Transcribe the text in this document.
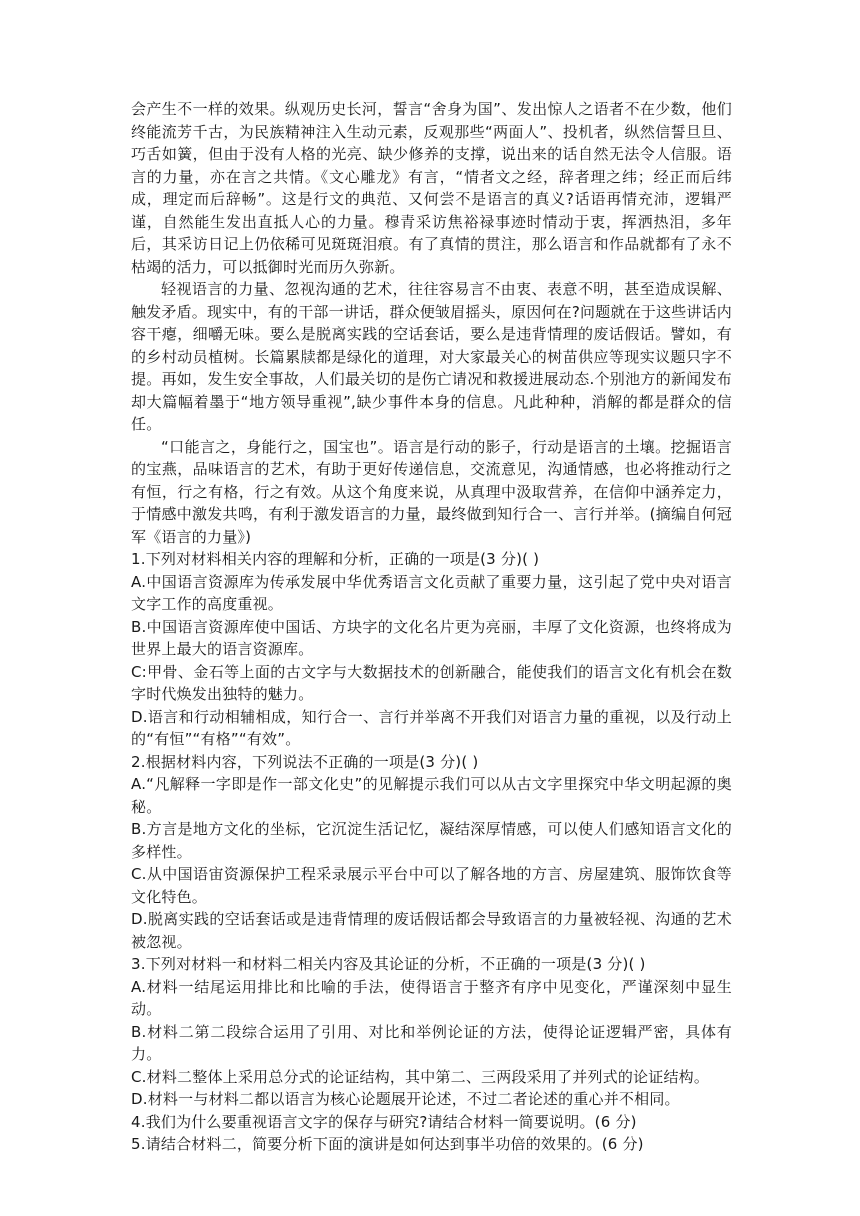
会产生不一样的效果。纵观历史长河，誓言“舍身为国”、发出惊人之语者不在少数，他们终能流芳千古，为民族精神注入生动元素，反观那些“两面人”、投机者，纵然信誓旦旦、巧舌如簧，但由于没有人格的光亮、缺少修养的支撑，说出来的话自然无法令人信服。语言的力量，亦在言之共情。《文心雕龙》有言，“情者文之经，辞者理之纬；经正而后纬成，理定而后辞畅”。这是行文的典范、又何尝不是语言的真义?话语再情充沛，逻辑严谨，自然能生发出直抵人心的力量。穆青采访焦裕禄事迹时情动于衷，挥洒热泪，多年后，其采访日记上仍依稀可见斑斑泪痕。有了真情的贯注，那么语言和作品就都有了永不枯竭的活力，可以抵御时光而历久弥新。

轻视语言的力量、忽视沟通的艺术，往往容易言不由衷、表意不明，甚至造成误解、触发矛盾。现实中，有的干部一讲话，群众便皱眉摇头，原因何在?问题就在于这些讲话内容干瘪，细嚼无味。要么是脱离实践的空话套话，要么是违背情理的废话假话。譬如，有的乡村动员植树。长篇累牍都是绿化的道理，对大家最关心的树苗供应等现实议题只字不提。再如，发生安全事故，人们最关切的是伤亡请况和救援进展动态.个别池方的新闻发布却大篇幅着墨于“地方领导重视”,缺少事件本身的信息。凡此种种，消解的都是群众的信任。

“口能言之，身能行之，国宝也”。语言是行动的影子，行动是语言的土壤。挖掘语言的宝燕，品味语言的艺术，有助于更好传递信息，交流意见，沟通情感，也必将推动行之有恒，行之有格，行之有效。从这个角度来说，从真理中汲取营养，在信仰中涵养定力，于情感中激发共鸣，有利于激发语言的力量，最终做到知行合一、言行并举。(摘编自何冠军《语言的力量》)

1.下列对材料相关内容的理解和分析，正确的一项是(3 分)( )

A.中国语言资源库为传承发展中华优秀语言文化贡献了重要力量，这引起了党中央对语言文字工作的高度重视。

B.中国语言资源库使中国话、方块字的文化名片更为亮丽，丰厚了文化资源，也终将成为世界上最大的语言资源库。

C:甲骨、金石等上面的古文字与大数据技术的创新融合，能使我们的语言文化有机会在数字时代焕发出独特的魅力。

D.语言和行动相辅相成，知行合一、言行并举离不开我们对语言力量的重视，以及行动上的“有恒”“有格”“有效”。

2.根据材料内容，下列说法不正确的一项是(3 分)( )

A.“凡解释一字即是作一部文化史”的见解提示我们可以从古文字里探究中华文明起源的奥秘。

B.方言是地方文化的坐标，它沉淀生活记忆，凝结深厚情感，可以使人们感知语言文化的多样性。

C.从中国语宙资源保护工程采录展示平台中可以了解各地的方言、房屋建筑、服饰饮食等文化特色。

D.脱离实践的空话套话或是违背情理的废话假话都会导致语言的力量被轻视、沟通的艺术被忽视。

3.下列对材料一和材料二相关内容及其论证的分析，不正确的一项是(3 分)( )

A.材料一结尾运用排比和比喻的手法，使得语言于整齐有序中见变化，严谨深刻中显生动。

B.材料二第二段综合运用了引用、对比和举例论证的方法，使得论证逻辑严密，具体有力。

C.材料二整体上采用总分式的论证结构，其中第二、三两段采用了并列式的论证结构。

D.材料一与材料二都以语言为核心论题展开论述，不过二者论述的重心并不相同。

4.我们为什么要重视语言文字的保存与研究?请结合材料一简要说明。(6 分)

5.请结合材料二，简要分析下面的演讲是如何达到事半功倍的效果的。(6 分)
